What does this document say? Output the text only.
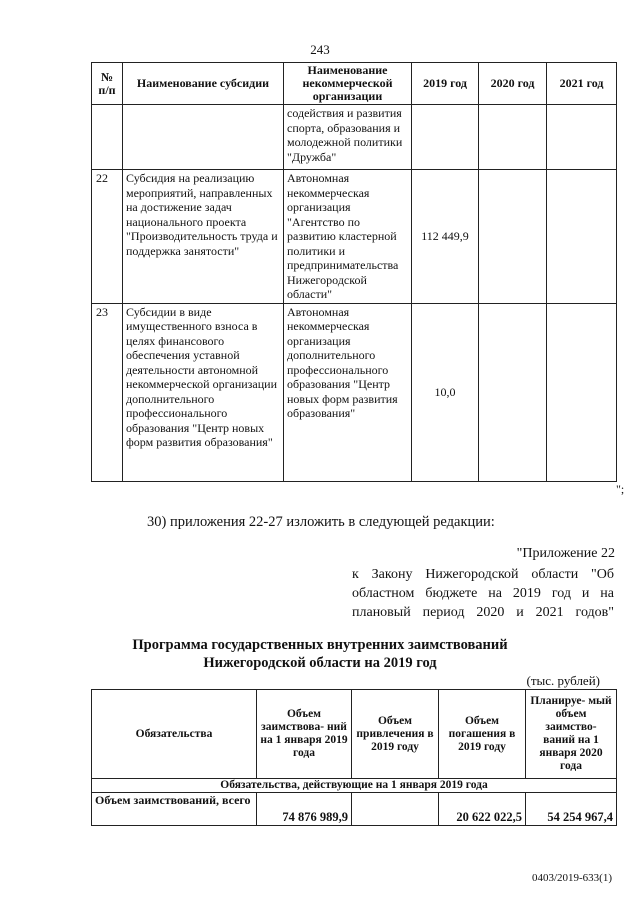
243
№ п/п	Наименование субсидии	Наименование некоммерческой организации	2019 год	2020 год	2021 год
		содействия и развития спорта, образования и молодежной политики "Дружба"			
22	Субсидия на реализацию мероприятий, направленных на достижение задач национального проекта "Производительность труда и поддержка занятости"	Автономная некоммерческая организация "Агентство по развитию кластерной политики и предпринимательства Нижегородской области"	112 449,9		
23	Субсидии в виде имущественного взноса в целях финансового обеспечения уставной деятельности автономной некоммерческой организации дополнительного профессионального образования "Центр новых форм развития образования"	Автономная некоммерческая организация дополнительного профессионального образования "Центр новых форм развития образования"	10,0		
";
30) приложения 22-27 изложить в следующей редакции:
"Приложение 22
к Закону Нижегородской области "Об
областном бюджете на 2019 год и на
плановый период 2020 и 2021 годов"
Программа государственных внутренних заимствований
Нижегородской области на 2019 год
(тыс. рублей)
Обязательства	Объем заимствова- ний на 1 января 2019 года	Объем привлечения в 2019 году	Объем погашения в 2019 году	Планируе- мый объем заимство- ваний на 1 января 2020 года
Обязательства, действующие на 1 января 2019 года				
Объем заимствований, всего	74 876 989,9		20 622 022,5	54 254 967,4
0403/2019-633(1)
